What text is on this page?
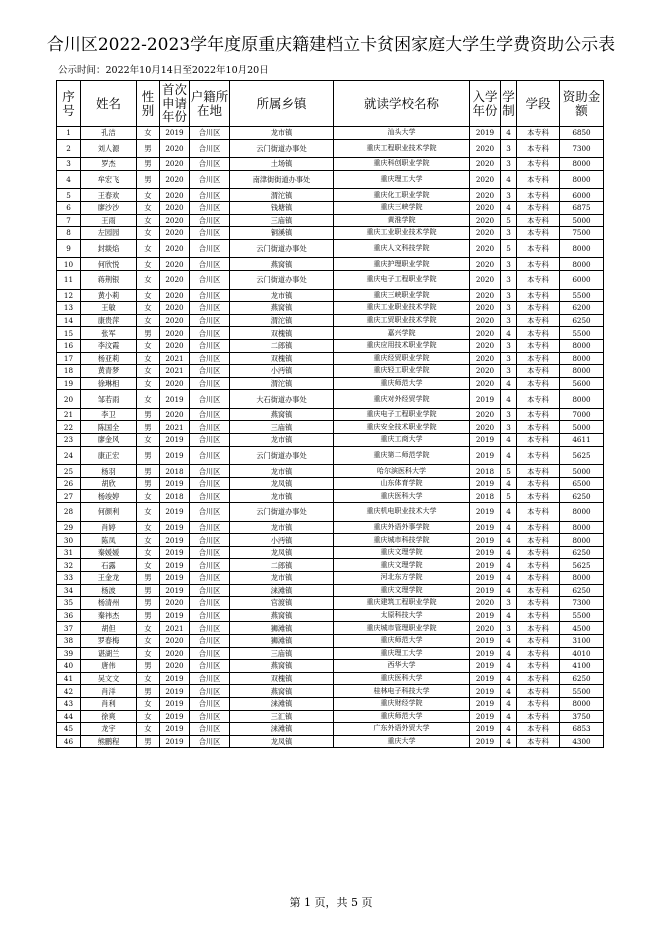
合川区2022-2023学年度原重庆籍建档立卡贫困家庭大学生学费资助公示表
公示时间：2022年10月14日至2022年10月20日
序号	姓名	性别	首次申请年份	户籍所在地	所属乡镇	就读学校名称	入学年份	学制	学段	资助金额
1	孔洁	女	2019	合川区	龙市镇	汕头大学	2019	4	本专科	6850
2	刘人源	男	2020	合川区	云门街道办事处	重庆工程职业技术学院	2020	3	本专科	7300
3	罗杰	男	2020	合川区	土场镇	重庆科创职业学院	2020	3	本专科	8000
4	牟宏飞	男	2020	合川区	南津街街道办事处	重庆理工大学	2020	4	本专科	8000
5	王春欢	女	2020	合川区	渭沱镇	重庆化工职业学院	2020	3	本专科	6000
6	廖沙沙	女	2020	合川区	钱塘镇	重庆三峡学院	2020	4	本专科	6875
7	王雨	女	2020	合川区	三庙镇	黄淮学院	2020	5	本专科	5000
8	左园园	女	2020	合川区	铜溪镇	重庆工业职业技术学院	2020	3	本专科	7500
9	封燚焰	女	2020	合川区	云门街道办事处	重庆人文科技学院	2020	5	本专科	8000
10	何欣悦	女	2020	合川区	燕窝镇	重庆护理职业学院	2020	3	本专科	8000
11	蒋荆银	女	2020	合川区	云门街道办事处	重庆电子工程职业学院	2020	3	本专科	6000
12	黄小莉	女	2020	合川区	龙市镇	重庆三峡职业学院	2020	3	本专科	5500
13	王敏	女	2020	合川区	燕窝镇	重庆工业职业技术学院	2020	3	本专科	6200
14	康贵萍	女	2020	合川区	渭沱镇	重庆工贸职业技术学院	2020	3	本专科	6250
15	张军	男	2020	合川区	双槐镇	嘉兴学院	2020	4	本专科	5500
16	李汶霞	女	2020	合川区	二郎镇	重庆应用技术职业学院	2020	3	本专科	8000
17	杨亚莉	女	2021	合川区	双槐镇	重庆经贸职业学院	2020	3	本专科	8000
18	黄青梦	女	2021	合川区	小沔镇	重庆轻工职业学院	2020	3	本专科	8000
19	徐琳相	女	2020	合川区	渭沱镇	重庆师范大学	2020	4	本专科	5600
20	邹若雨	女	2019	合川区	大石街道办事处	重庆对外经贸学院	2019	4	本专科	8000
21	李卫	男	2020	合川区	燕窝镇	重庆电子工程职业学院	2020	3	本专科	7000
22	陈国全	男	2021	合川区	三庙镇	重庆安全技术职业学院	2020	3	本专科	5000
23	廖金风	女	2019	合川区	龙市镇	重庆工商大学	2019	4	本专科	4611
24	康正宏	男	2019	合川区	云门街道办事处	重庆第二师范学院	2019	4	本专科	5625
25	杨羽	男	2018	合川区	龙市镇	哈尔滨医科大学	2018	5	本专科	5000
26	胡欣	男	2019	合川区	龙凤镇	山东体育学院	2019	4	本专科	6500
27	杨竣婷	女	2018	合川区	龙市镇	重庆医科大学	2018	5	本专科	6250
28	何颜利	女	2019	合川区	云门街道办事处	重庆机电职业技术大学	2019	4	本专科	8000
29	肖婷	女	2019	合川区	龙市镇	重庆外语外事学院	2019	4	本专科	8000
30	陈凤	女	2019	合川区	小沔镇	重庆城市科技学院	2019	4	本专科	8000
31	秦媛媛	女	2019	合川区	龙凤镇	重庆文理学院	2019	4	本专科	6250
32	石露	女	2019	合川区	二郎镇	重庆文理学院	2019	4	本专科	5625
33	王金龙	男	2019	合川区	龙市镇	河北东方学院	2019	4	本专科	8000
34	杨波	男	2019	合川区	涞滩镇	重庆文理学院	2019	4	本专科	6250
35	杨清州	男	2020	合川区	官渡镇	重庆建筑工程职业学院	2020	3	本专科	7300
36	秦祎杰	男	2019	合川区	燕窝镇	太原科技大学	2019	4	本专科	5500
37	胡但	女	2021	合川区	狮滩镇	重庆城市管理职业学院	2020	3	本专科	4500
38	罗春梅	女	2020	合川区	狮滩镇	重庆师范大学	2019	4	本专科	3100
39	谌湖兰	女	2020	合川区	三庙镇	重庆理工大学	2019	4	本专科	4010
40	唐伟	男	2020	合川区	燕窝镇	西华大学	2019	4	本专科	4100
41	吴文文	女	2019	合川区	双槐镇	重庆医科大学	2019	4	本专科	6250
42	肖洋	男	2019	合川区	燕窝镇	桂林电子科技大学	2019	4	本专科	5500
43	肖利	女	2019	合川区	涞滩镇	重庆财经学院	2019	4	本专科	8000
44	徐爽	女	2019	合川区	三汇镇	重庆师范大学	2019	4	本专科	3750
45	龙宇	女	2019	合川区	涞滩镇	广东外语外贸大学	2019	4	本专科	6853
46	熊鹏程	男	2019	合川区	龙凤镇	重庆大学	2019	4	本专科	4300
第 1 页，共 5 页
